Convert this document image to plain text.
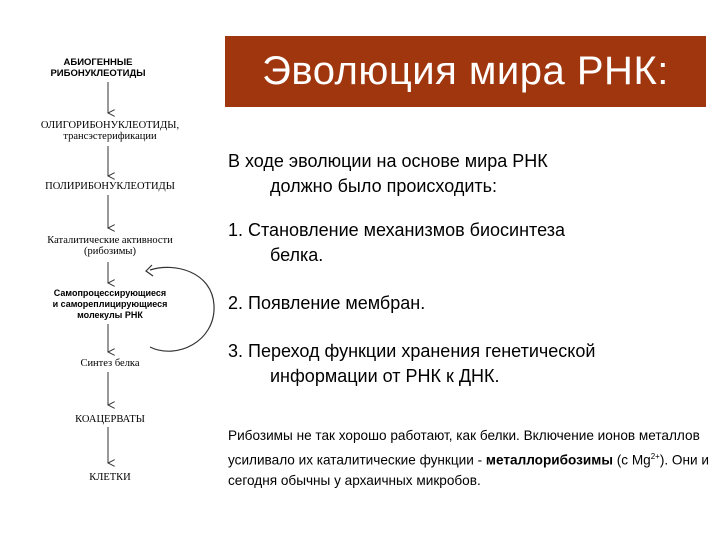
Эволюция мира РНК:
АБИОГЕННЫЕ
РИБОНУКЛЕОТИДЫ
ОЛИГОРИБОНУКЛЕОТИДЫ,
трансэстерификации
ПОЛИРИБОНУКЛЕОТИДЫ
Каталитические активности
(рибозимы)
Самопроцессирующиеся
и самореплицирующиеся
молекулы РНК
Синтез белка
КОАЦЕРВАТЫ
КЛЕТКИ

В ходе эволюции на основе мира РНК

должно было происходить:

1. Становление механизмов биосинтеза

белка.

2. Появление мембран.

3. Переход функции хранения генетической

информации от РНК к ДНК.

Рибозимы не так хорошо работают, как белки. Включение ионов металлов усиливало их каталитические функции - металлорибозимы (с $Mg^{2+}$). Они и сегодня обычны у архаичных микробов.
